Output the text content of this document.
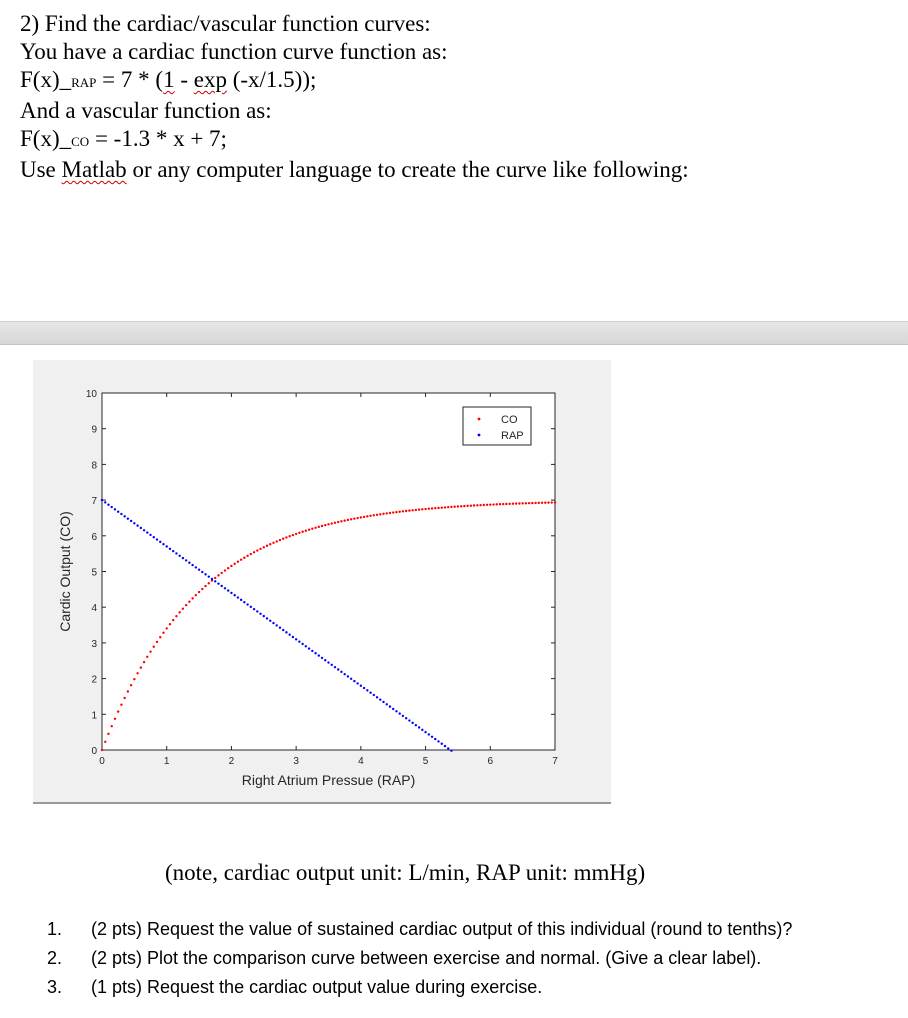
2) Find the cardiac/vascular function curves:
You have a cardiac function curve function as:
F(x)_RAP = 7 * (1 - exp (-x/1.5));
And a vascular function as:
F(x)_CO = -1.3 * x + 7;
Use Matlab or any computer language to create the curve like following:
0	1	2	3	4	5	6	7
0
1
2
3
4
5
6
7
8
9
10
Right Atrium Pressue (RAP)
Cardic Output (CO)
CO
RAP
(note, cardiac output unit: L/min, RAP unit: mmHg)
1.	(2 pts) Request the value of sustained cardiac output of this individual (round to tenths)?
2.	(2 pts) Plot the comparison curve between exercise and normal. (Give a clear label).
3.	(1 pts) Request the cardiac output value during exercise.
